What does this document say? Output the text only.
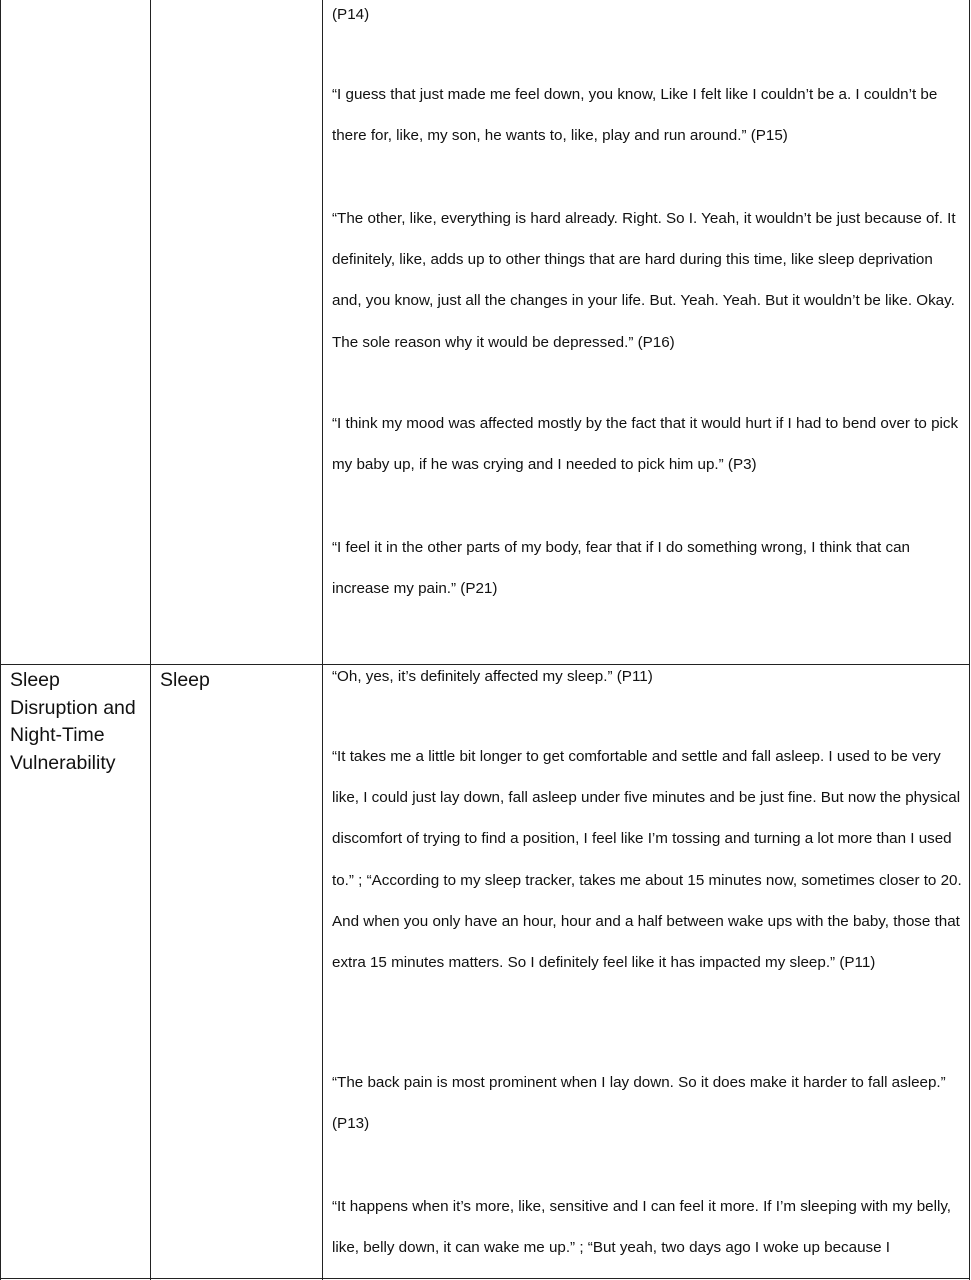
(P14)
“I guess that just made me feel down, you know, Like I felt like I couldn’t be a. I couldn’t be there for, like, my son, he wants to, like, play and run around.” (P15)
“The other, like, everything is hard already. Right. So I. Yeah, it wouldn’t be just because of. It definitely, like, adds up to other things that are hard during this time, like sleep deprivation and, you know, just all the changes in your life. But. Yeah. Yeah. But it wouldn’t be like. Okay. The sole reason why it would be depressed.” (P16)
“I think my mood was affected mostly by the fact that it would hurt if I had to bend over to pick my baby up, if he was crying and I needed to pick him up.” (P3)
“I feel it in the other parts of my body, fear that if I do something wrong, I think that can increase my pain.” (P21)
Sleep Disruption and Night-Time Vulnerability
Sleep	“Oh, yes, it’s definitely affected my sleep.” (P11)
“It takes me a little bit longer to get comfortable and settle and fall asleep. I used to be very like, I could just lay down, fall asleep under five minutes and be just fine. But now the physical discomfort of trying to find a position, I feel like I’m tossing and turning a lot more than I used to.” ; “According to my sleep tracker, takes me about 15 minutes now, sometimes closer to 20. And when you only have an hour, hour and a half between wake ups with the baby, those that extra 15 minutes matters. So I definitely feel like it has impacted my sleep.” (P11)
“The back pain is most prominent when I lay down. So it does make it harder to fall asleep.” (P13)
“It happens when it’s more, like, sensitive and I can feel it more. If I’m sleeping with my belly, like, belly down, it can wake me up.” ; “But yeah, two days ago I woke up because I
